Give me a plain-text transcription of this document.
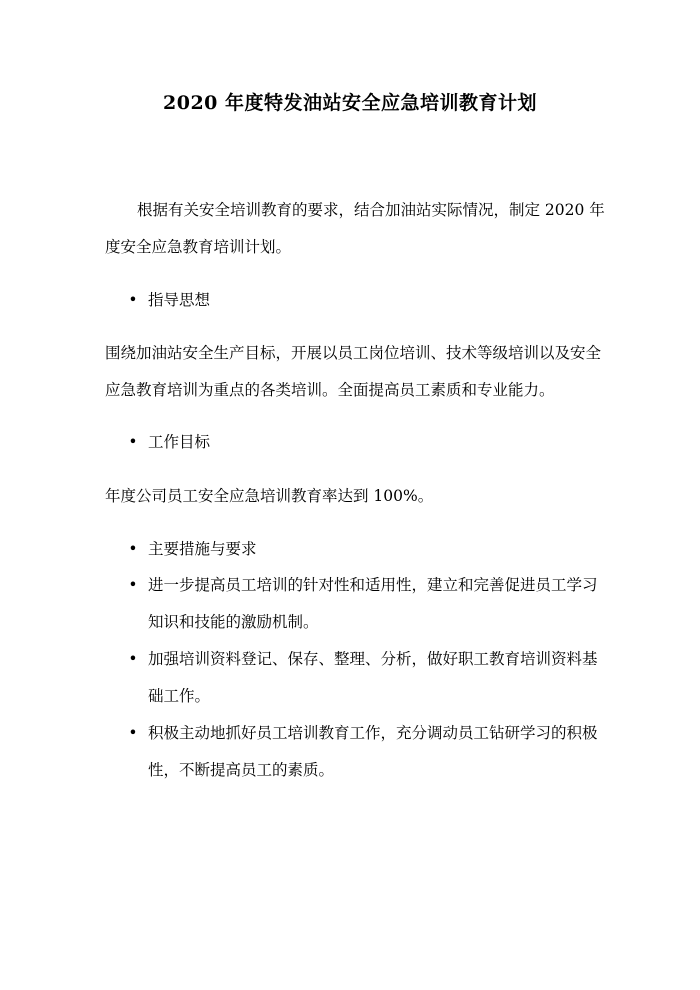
2020 年度特发油站安全应急培训教育计划

根据有关安全培训教育的要求，结合加油站实际情况，制定 2020 年度安全应急教育培训计划。

• 指导思想

围绕加油站安全生产目标，开展以员工岗位培训、技术等级培训以及安全应急教育培训为重点的各类培训。全面提高员工素质和专业能力。

• 工作目标

年度公司员工安全应急培训教育率达到 100%。

• 主要措施与要求
• 进一步提高员工培训的针对性和适用性，建立和完善促进员工学习知识和技能的激励机制。
• 加强培训资料登记、保存、整理、分析，做好职工教育培训资料基础工作。
• 积极主动地抓好员工培训教育工作，充分调动员工钻研学习的积极性，不断提高员工的素质。
